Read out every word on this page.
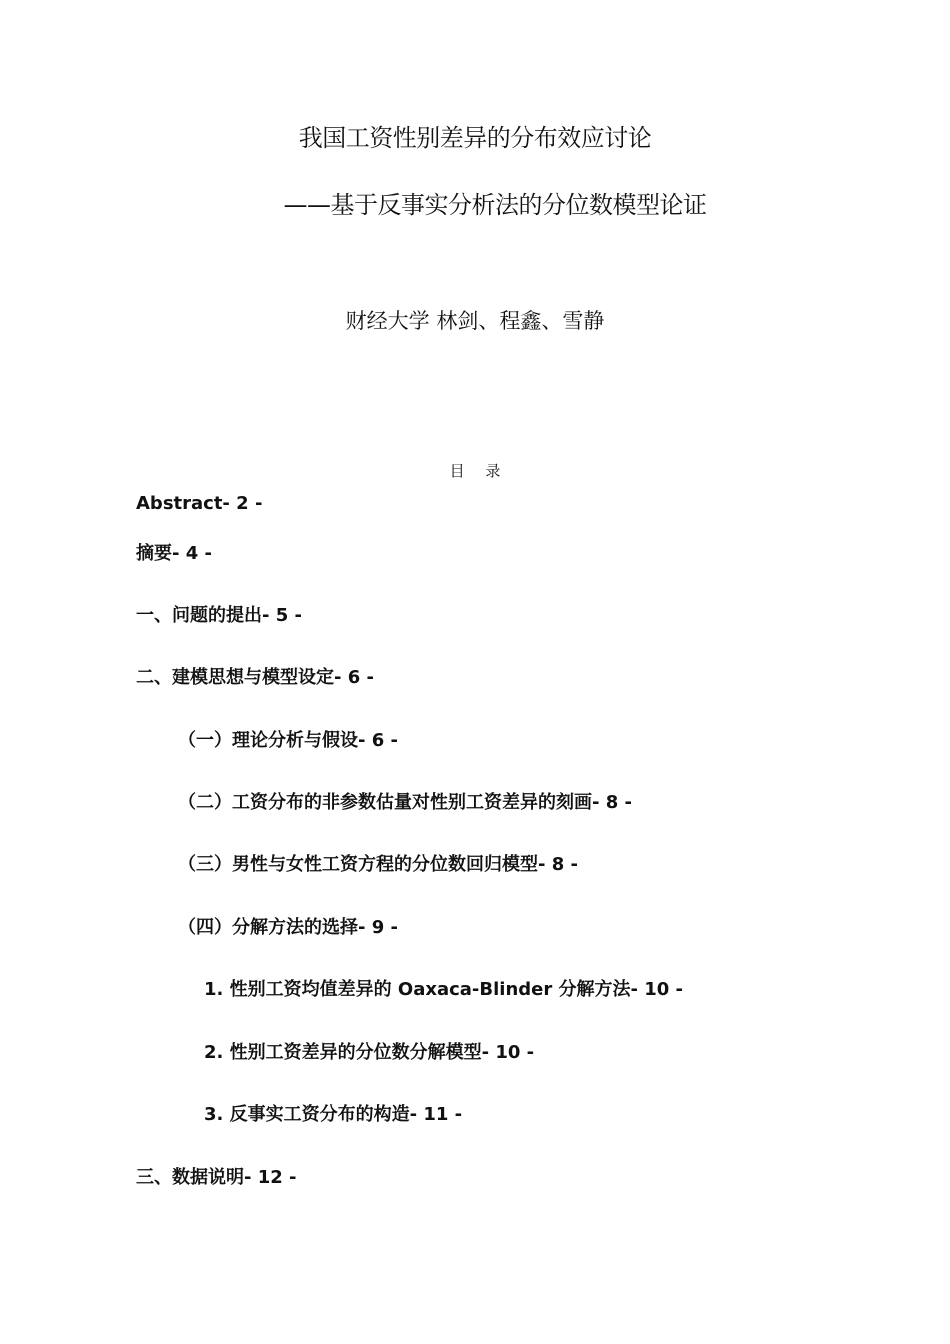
我国工资性别差异的分布效应讨论
——基于反事实分析法的分位数模型论证
财经大学 林剑、程鑫、雪静
目 录
Abstract- 2 -
摘要- 4 -
一、问题的提出- 5 -
二、建模思想与模型设定- 6 -
（一）理论分析与假设- 6 -
（二）工资分布的非参数估量对性别工资差异的刻画- 8 -
（三）男性与女性工资方程的分位数回归模型- 8 -
（四）分解方法的选择- 9 -
1. 性别工资均值差异的 Oaxaca-Blinder 分解方法- 10 -
2. 性别工资差异的分位数分解模型- 10 -
3. 反事实工资分布的构造- 11 -
三、数据说明- 12 -
